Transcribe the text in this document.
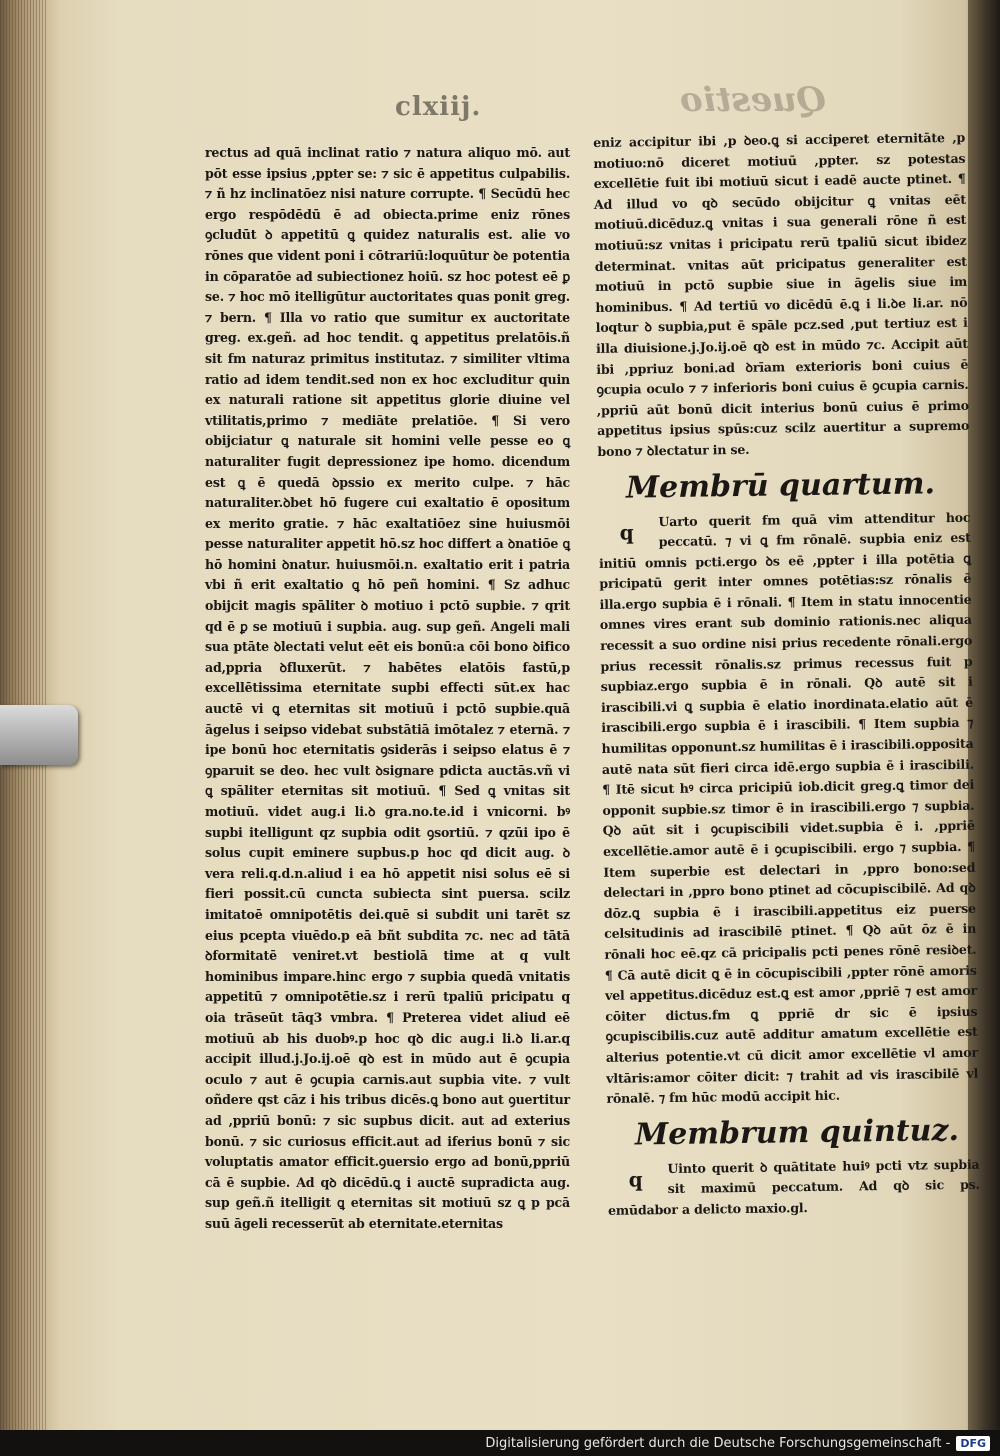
Questio
clxiij.

rectus ad quā inclinat ratio ⁊ natura aliquo mō. aut pōt esse ipsius ,ppter se: ⁊ sic ē appetitus culpabilis. ⁊ ñ hz inclinatōez nisi nature corrupte. ¶ Secūdū hec ergo respōdēdū ē ad obiecta.prime eniz rōnes ꝯcludūt ꝺ appetitū ꝗ quidez naturalis est. alie vo rōnes que vident poni i cōtrariū:loquūtur ꝺe potentia in cōparatōe ad subiectionez hoiū. sz hoc potest eē ꝑ se. ⁊ hoc mō itelligūtur auctoritates quas ponit greg. ⁊ bern. ¶ Illa vo ratio que sumitur ex auctoritate greg. ex.geñ. ad hoc tendit. ꝗ appetitus prelatōis.ñ sit fm naturaz primitus institutaz. ⁊ similiter vltima ratio ad idem tendit.sed non ex hoc excluditur quin ex naturali ratione sit appetitus glorie diuine vel vtilitatis,primo ⁊ mediāte prelatiōe. ¶ Si vero obijciatur ꝗ naturale sit homini velle pesse eo ꝗ naturaliter fugit depressionez ipe homo. dicendum est ꝗ ē quedā ꝺpssio ex merito culpe. ⁊ hāc naturaliter.ꝺbet hō fugere cui exaltatio ē opositum ex merito gratie. ⁊ hāc exaltatiōez sine huiusmōi pesse naturaliter appetit hō.sz hoc differt a ꝺnatiōe ꝗ hō homini ꝺnatur. huiusmōi.n. exaltatio erit i patria vbi ñ erit exaltatio ꝗ hō peñ homini. ¶ Sz adhuc obijcit magis spāliter ꝺ motiuo i pctō supbie. ⁊ qrit qd ē ꝑ se motiuū i supbia. aug. sup geñ. Angeli mali sua ptāte ꝺlectati velut eēt eis bonū:a cōi bono ꝺifico ad,ppria ꝺfluxerūt. ⁊ habētes elatōis fastū,p excellētissima eternitate supbi effecti sūt.ex hac auctē vi ꝗ eternitas sit motiuū i pctō supbie.quā āgelus i seipso videbat substātiā imōtalez ⁊ eternā. ⁊ ipe bonū hoc eternitatis ꝯsiderās i seipso elatus ē ⁊ ꝯparuit se deo. hec vult ꝺsignare pdicta auctās.vñ vi ꝗ spāliter eternitas sit motiuū. ¶ Sed ꝗ vnitas sit motiuū. videt aug.i li.ꝺ gra.no.te.id i vnicorni. bꝰ supbi itelligunt qz supbia odit ꝯsortiū. ⁊ qzūi ipo ē solus cupit eminere supbus.p hoc qd dicit aug. ꝺ vera reli.q.d.n.aliud i ea hō appetit nisi solus eē si fieri possit.cū cuncta subiecta sint puersa. scilz imitatoē omnipotētis dei.quē si subdit uni tarēt sz eius pcepta viuēdo.p eā bñt subdita ⁊c. nec ad tātā ꝺformitatē veniret.vt bestiolā time at q vult hominibus impare.hinc ergo ⁊ supbia quedā vnitatis appetitū ⁊ omnipotētie.sz i rerū tpaliū pricipatu q oia trāseūt tāq3 vmbra. ¶ Preterea videt aliud eē motiuū ab his duobꝰ.p hoc qꝺ dic aug.i li.ꝺ li.ar.q accipit illud.j.Jo.ij.oē qꝺ est in mūdo aut ē ꝯcupia oculo ⁊ aut ē ꝯcupia carnis.aut supbia vite. ⁊ vult oñdere qst cāz i his tribus dicēs.ꝗ bono aut ꝯuertitur ad ,ppriū bonū: ⁊ sic supbus dicit. aut ad exterius bonū. ⁊ sic curiosus efficit.aut ad iferius bonū ⁊ sic voluptatis amator efficit.ꝯuersio ergo ad bonū,ppriū cā ē supbie. Ad qꝺ dicēdū.ꝗ i auctē supradicta aug. sup geñ.ñ itelligit ꝗ eternitas sit motiuū sz ꝗ p pcā suū āgeli recesserūt ab eternitate.eternitas

eniz accipitur ibi ,p ꝺeo.ꝗ si acciperet eternitāte ,p motiuo:nō diceret motiuū ,ppter. sz potestas excellētie fuit ibi motiuū sicut i eadē aucte ptinet. ¶ Ad illud vo qꝺ secūdo obijcitur ꝗ vnitas eēt motiuū.dicēduz.ꝗ vnitas i sua generali rōne ñ est motiuū:sz vnitas i pricipatu rerū tpaliū sicut ibidez determinat. vnitas aūt pricipatus generaliter est motiuū in pctō supbie siue in āgelis siue im hominibus. ¶ Ad tertiū vo dicēdū ē.ꝗ i li.ꝺe li.ar. nō loqtur ꝺ supbia,put ē spāle pcz.sed ,put tertiuz est i illa diuisione.j.Jo.ij.oē qꝺ est in mūdo ⁊c. Accipit aūt ibi ,ppriuz boni.ad ꝺrīam exterioris boni cuius ē ꝯcupia oculo ⁊ ⁊ inferioris boni cuius ē ꝯcupia carnis. ,ppriū aūt bonū dicit interius bonū cuius ē primo appetitus ipsius spūs:cuz scilz auertitur a supremo bono ⁊ ꝺlectatur in se.

Membrū quartum.

q
Uarto querit fm quā vim attenditur hoc peccatū. ⁊ vi ꝗ fm rōnalē. supbia eniz est initiū omnis pcti.ergo ꝺs eē ,ppter i illa potētia ꝗ pricipatū gerit inter omnes potētias:sz rōnalis ē illa.ergo supbia ē i rōnali. ¶ Item in statu innocentie omnes vires erant sub dominio rationis.nec aliqua recessit a suo ordine nisi prius recedente rōnali.ergo prius recessit rōnalis.sz primus recessus fuit p supbiaz.ergo supbia ē in rōnali. Qꝺ autē sit i irascibili.vi ꝗ supbia ē elatio inordinata.elatio aūt ē irascibili.ergo supbia ē i irascibili. ¶ Item supbia ⁊ humilitas opponunt.sz humilitas ē i irascibili.opposita autē nata sūt fieri circa idē.ergo supbia ē i irascibili. ¶ Itē sicut hꝰ circa pricipiū iob.dicit greg.ꝗ timor dei opponit supbie.sz timor ē in irascibili.ergo ⁊ supbia. Qꝺ aūt sit i ꝯcupiscibili videt.supbia ē i. ,ppriē excellētie.amor autē ē i ꝯcupiscibili. ergo ⁊ supbia. ¶ Item superbie est delectari in ,ppro bono:sed delectari in ,ppro bono ptinet ad cōcupiscibilē. Ad qꝺ dōz.ꝗ supbia ē i irascibili.appetitus eiz puerse celsitudinis ad irascibilē ptinet. ¶ Qꝺ aūt ōz ē in rōnali hoc eē.qz cā pricipalis pcti penes rōnē resiꝺet. ¶ Cā autē dicit ꝗ ē in cōcupiscibili ,ppter rōnē amoris vel appetitus.dicēduz est.ꝗ est amor ,ppriē ⁊ est amor cōiter dictus.fm ꝗ ppriē dr sic ē ipsius ꝯcupiscibilis.cuz autē additur amatum excellētie est alterius potentie.vt cū dicit amor excellētie vl amor vltāris:amor cōiter dicit: ⁊ trahit ad vis irascibilē vl rōnalē. ⁊ fm hūc modū accipit hic.

Membrum quintuz.

q
Uinto querit ꝺ quātitate huiꝰ pcti vtz supbia sit maximū peccatum. Ad qꝺ sic ps. emūdabor a delicto maxio.gl.

Digitalisierung gefördert durch die Deutsche Forschungsgemeinschaft - DFG
